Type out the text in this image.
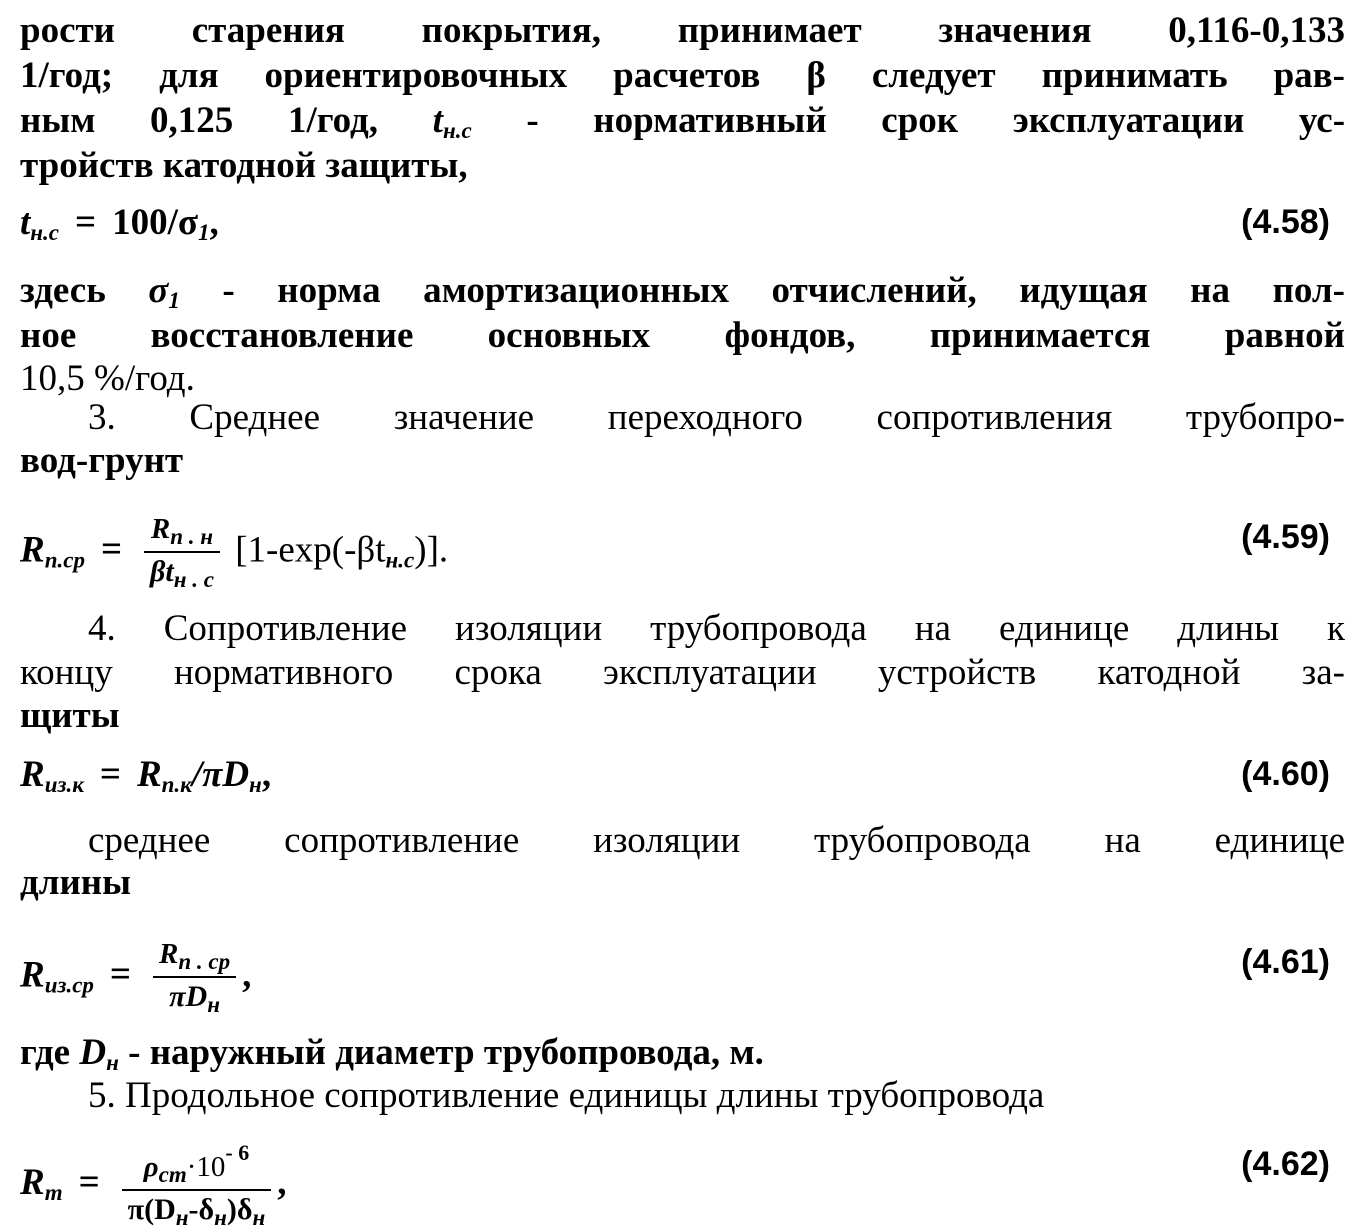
рости старения покрытия, принимает значения 0,116-0,133

1/год; для ориентировочных расчетов β следует принимать рав-

ным 0,125 1/год, $t_{н.с}$ - нормативный срок эксплуатации ус-

тройств катодной защиты,

$t_{н.с} = 100/\sigma_1$,	(4.58)

здесь $\sigma_1$ - норма амортизационных отчислений, идущая на пол-

ное восстановление основных фондов, принимается равной

10,5 %/год.

3. Среднее значение переходного сопротивления трубопро-

вод-грунт

$R_{п.ср} = \frac{R_{п . н}}{\beta t_{н . с}} [1-\exp(-\beta t_{н.с})]$.	(4.59)

4. Сопротивление изоляции трубопровода на единице длины к

концу нормативного срока эксплуатации устройств катодной за-

щиты

$R_{из.к} = R_{п.к}/\pi D_н$,	(4.60)

среднее сопротивление изоляции трубопровода на единице

длины

$R_{из.ср} = \frac{R_{п . ср}}{\pi D_н}$ ,	(4.61)

где $D_н$ - наружный диаметр трубопровода, м.

5. Продольное сопротивление единицы длины трубопровода

$R_т = \frac{\rho_{ст}\cdot 10^{- 6}}{\pi(D_н-\delta_н)\delta_н}$ ,	(4.62)
